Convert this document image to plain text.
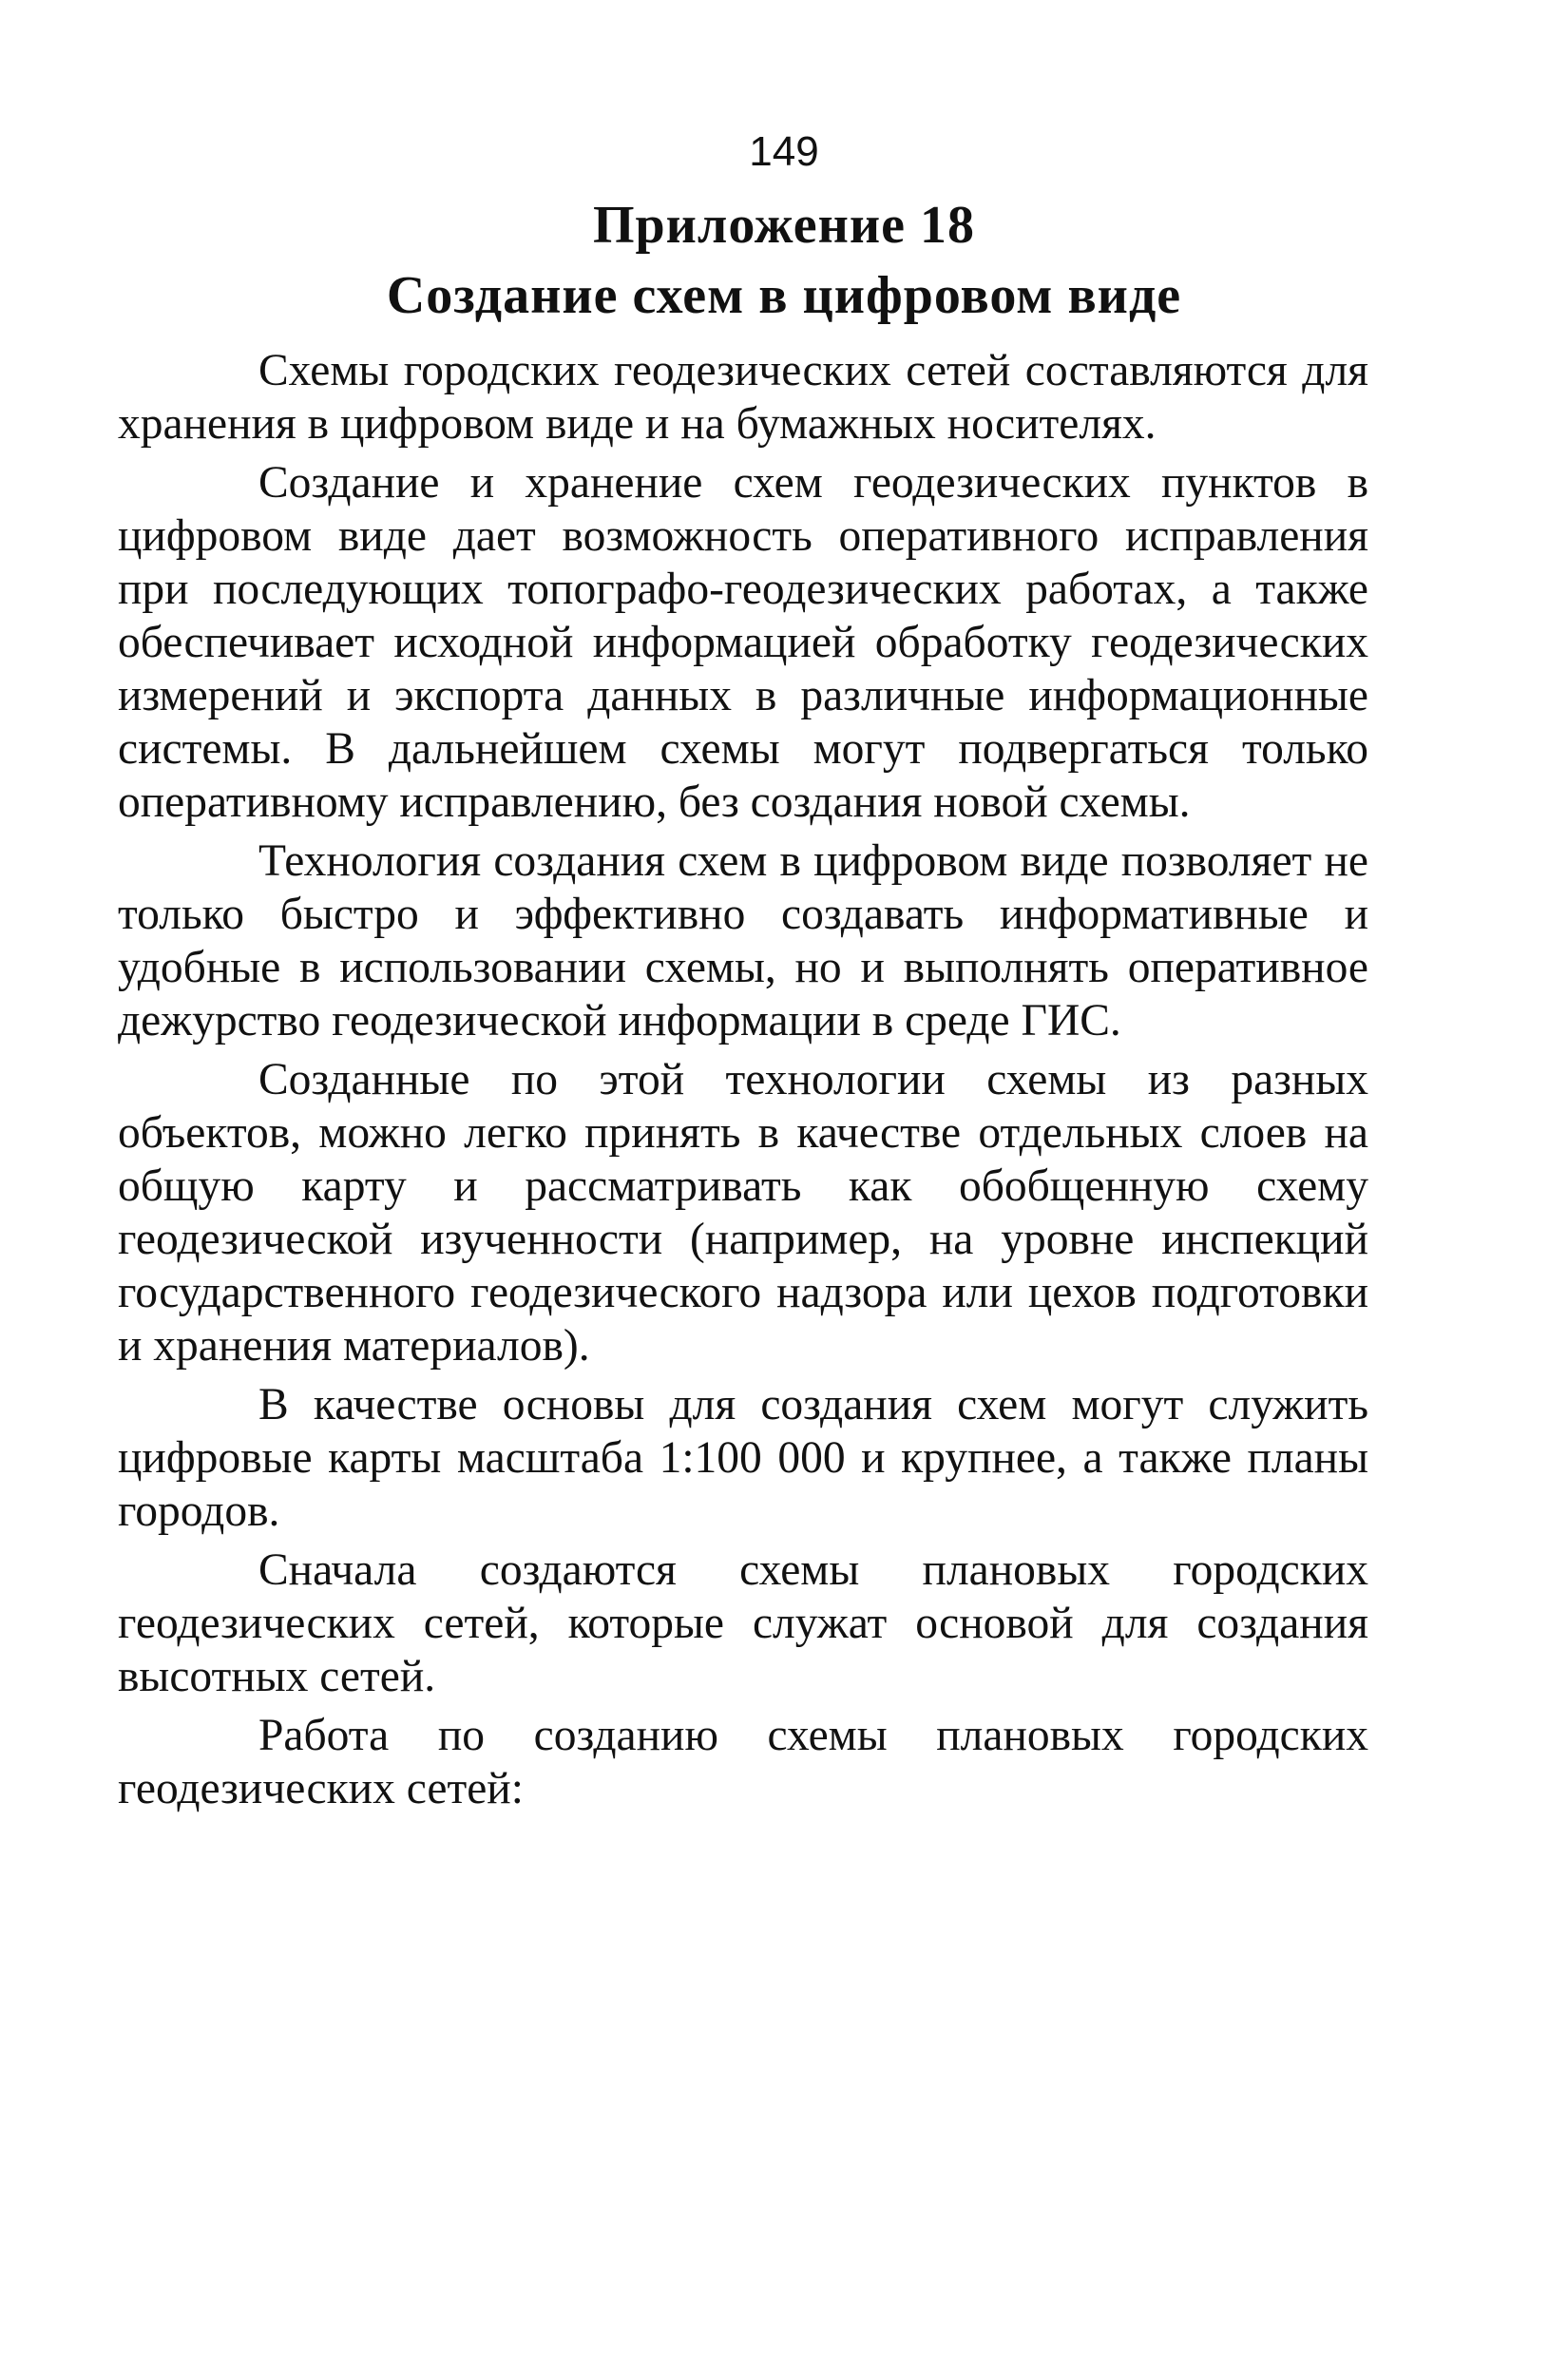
149
Приложение 18
Создание схем в цифровом виде

Схемы городских геодезических сетей составляются для хранения в цифровом виде и на бумажных носителях.

Создание и хранение схем геодезических пунктов в цифровом виде дает возможность оперативного исправления при последующих топографо-геодезических работах, а также обеспечивает исходной информацией обработку геодезических измерений и экспорта данных в различные информационные системы. В дальнейшем схемы могут подвергаться только оперативному исправлению, без создания новой схемы.

Технология создания схем в цифровом виде позволяет не только быстро и эффективно создавать информативные и удобные в использовании схемы, но и выполнять оперативное дежурство геодезической информации в среде ГИС.

Созданные по этой технологии схемы из разных объектов, можно легко принять в качестве отдельных слоев на общую карту и рассматривать как обобщенную схему геодезической изученности (например, на уровне инспекций государственного геодезического надзора или цехов подготовки и хранения материалов).

В качестве основы для создания схем могут служить цифровые карты масштаба 1:100 000 и крупнее, а также планы городов.

Сначала создаются схемы плановых городских геодезических сетей, которые служат основой для создания высотных сетей.

Работа по созданию схемы плановых городских геодезических сетей:
